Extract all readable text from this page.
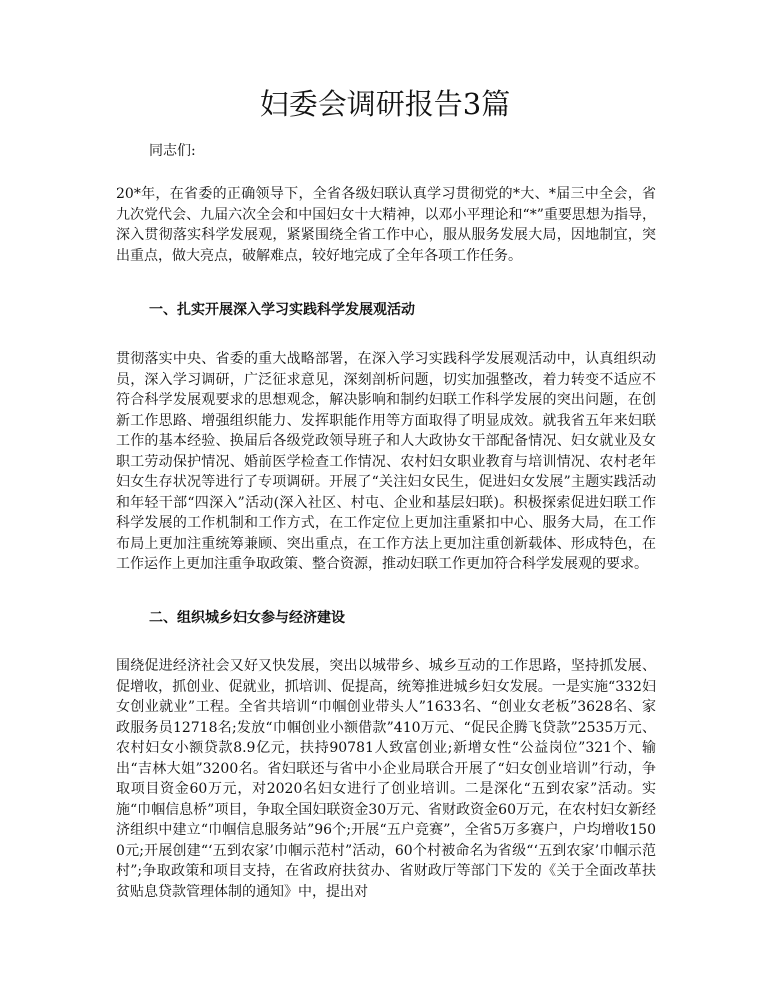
妇委会调研报告3篇

同志们:

20*年，在省委的正确领导下，全省各级妇联认真学习贯彻党的*大、*届三中全会，省九次党代会、九届六次全会和中国妇女十大精神，以邓小平理论和“*”重要思想为指导，深入贯彻落实科学发展观，紧紧围绕全省工作中心，服从服务发展大局，因地制宜，突出重点，做大亮点，破解难点，较好地完成了全年各项工作任务。

一、扎实开展深入学习实践科学发展观活动

贯彻落实中央、省委的重大战略部署，在深入学习实践科学发展观活动中，认真组织动员，深入学习调研，广泛征求意见，深刻剖析问题，切实加强整改，着力转变不适应不符合科学发展观要求的思想观念，解决影响和制约妇联工作科学发展的突出问题，在创新工作思路、增强组织能力、发挥职能作用等方面取得了明显成效。就我省五年来妇联工作的基本经验、换届后各级党政领导班子和人大政协女干部配备情况、妇女就业及女职工劳动保护情况、婚前医学检查工作情况、农村妇女职业教育与培训情况、农村老年妇女生存状况等进行了专项调研。开展了“关注妇女民生，促进妇女发展”主题实践活动和年轻干部“四深入”活动(深入社区、村屯、企业和基层妇联)。积极探索促进妇联工作科学发展的工作机制和工作方式，在工作定位上更加注重紧扣中心、服务大局，在工作布局上更加注重统筹兼顾、突出重点，在工作方法上更加注重创新载体、形成特色，在工作运作上更加注重争取政策、整合资源，推动妇联工作更加符合科学发展观的要求。

二、组织城乡妇女参与经济建设

围绕促进经济社会又好又快发展，突出以城带乡、城乡互动的工作思路，坚持抓发展、促增收，抓创业、促就业，抓培训、促提高，统筹推进城乡妇女发展。一是实施“332妇女创业就业”工程。全省共培训“巾帼创业带头人”1633名、“创业女老板”3628名、家政服务员12718名;发放“巾帼创业小额借款”410万元、“促民企腾飞贷款”2535万元、农村妇女小额贷款8.9亿元，扶持90781人致富创业;新增女性“公益岗位”321个、输出“吉林大姐”3200名。省妇联还与省中小企业局联合开展了“妇女创业培训”行动，争取项目资金60万元，对2020名妇女进行了创业培训。二是深化“五到农家”活动。实施“巾帼信息桥”项目，争取全国妇联资金30万元、省财政资金60万元，在农村妇女新经济组织中建立“巾帼信息服务站”96个;开展“五户竞赛”，全省5万多赛户，户均增收1500元;开展创建“‘五到农家’巾帼示范村”活动，60个村被命名为省级“‘五到农家’巾帼示范村”;争取政策和项目支持，在省政府扶贫办、省财政厅等部门下发的《关于全面改革扶贫贴息贷款管理体制的通知》中，提出对
